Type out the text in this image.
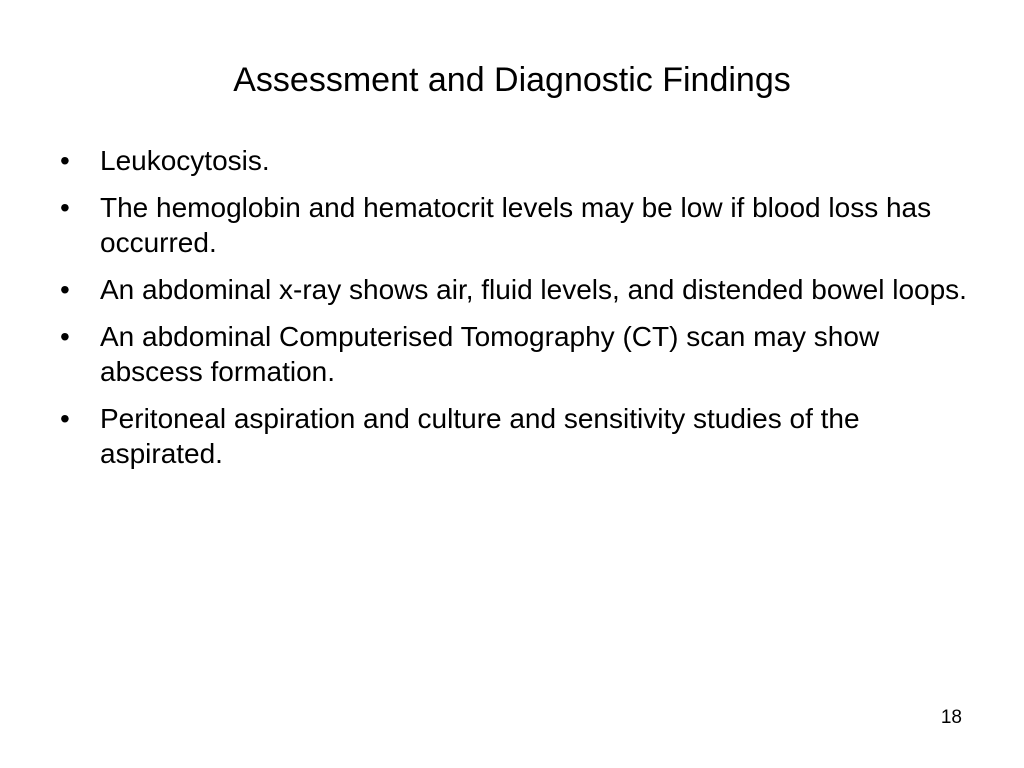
Assessment and Diagnostic Findings
•	Leukocytosis.
•	The hemoglobin and hematocrit levels may be low if blood loss has occurred.
•	An abdominal x-ray shows air, fluid levels, and distended bowel loops.
•	An abdominal Computerised Tomography (CT) scan may show abscess formation.
•	Peritoneal aspiration and culture and sensitivity studies of the aspirated.
18
